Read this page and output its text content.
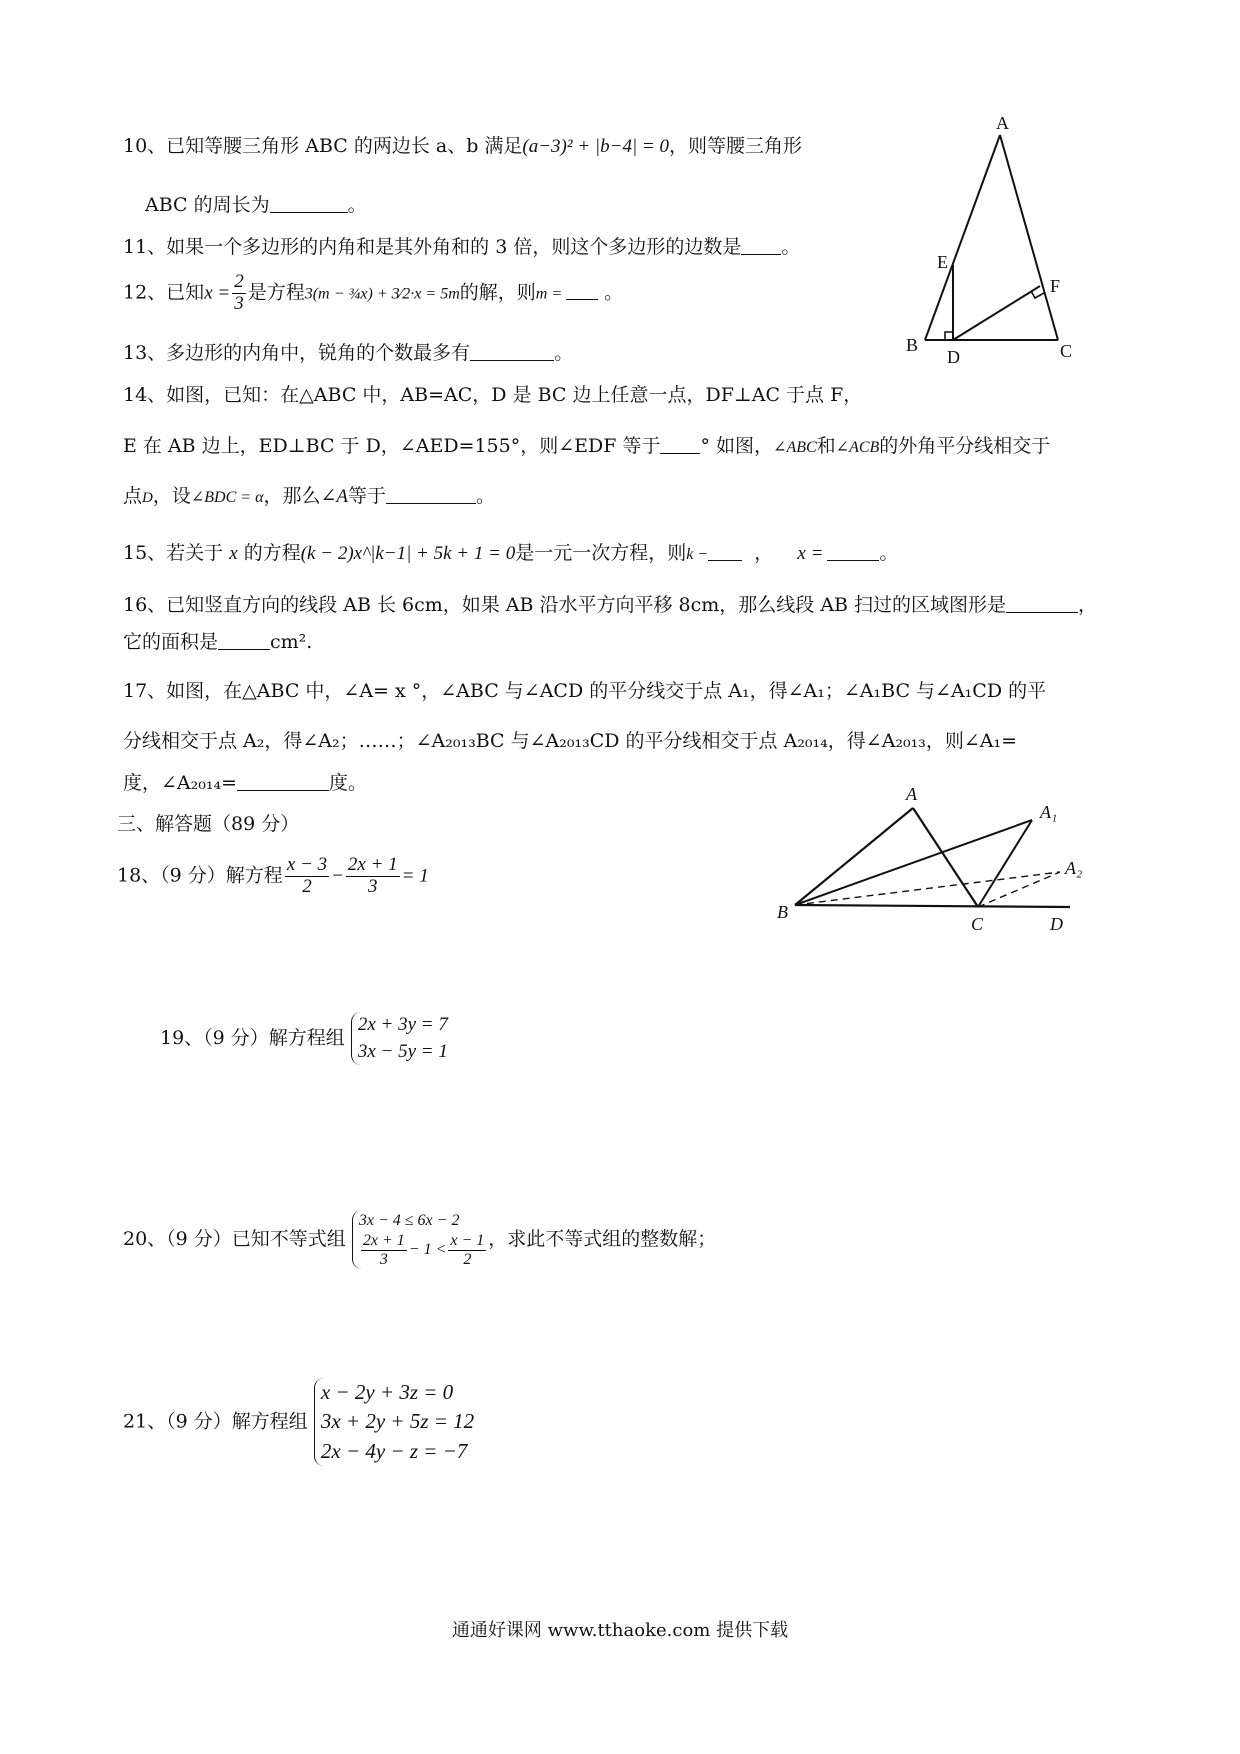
10、已知等腰三角形 ABC 的两边长 a、b 满足(a−3)² + |b−4| = 0，则等腰三角形
ABC 的周长为	。
11、如果一个多边形的内角和是其外角和的 3 倍，则这个多边形的边数是 。
12、已知$x = \frac{2}{3}$ 是方程3(m − ¾x) + 3⁄2·x = 5m的解，则m = 。
13、多边形的内角中，锐角的个数最多有	。
14、如图，已知：在△ABC 中，AB=AC，D 是 BC 边上任意一点，DF⊥AC 于点 F，
E 在 AB 边上，ED⊥BC 于 D，∠AED=155°，则∠EDF 等于 ° 如图，∠ABC和∠ACB的外角平分线相交于
点D，设∠BDC = α，那么∠A等于	。
15、若关于 x 的方程(k − 2)x^|k−1| + 5k + 1 = 0是一元一次方程，则k − ， x =	。
16、已知竖直方向的线段 AB 长 6cm，如果 AB 沿水平方向平移 8cm，那么线段 AB 扫过的区域图形是	，
它的面积是	cm².
17、如图，在△ABC 中，∠A= x °，∠ABC 与∠ACD 的平分线交于点 A₁，得∠A₁；∠A₁BC 与∠A₁CD 的平
分线相交于点 A₂，得∠A₂；……；∠A₂₀₁₃BC 与∠A₂₀₁₃CD 的平分线相交于点 A₂₀₁₄，得∠A₂₀₁₃，则∠A₁=
度，∠A₂₀₁₄=	度。
三、解答题（89 分）
18、（9 分）解方程 $\frac{x - 3}{2} - \frac{2x + 1}{3} = 1$
19、（9 分）解方程组
2x + 3y = 7
3x − 5y = 1
20、（9 分）已知不等式组
3x − 4 ≤ 6x − 2
$\frac{2x + 1}{3} - 1 < \frac{x - 1}{2}$ ，求此不等式组的整数解；
21、（9 分）解方程组
x − 2y + 3z = 0
3x + 2y + 5z = 12
2x − 4y − z = −7
A
E
F
B
D	C
A
A₁
A₂
B
C	D
通通好课网 www.tthaoke.com 提供下载
